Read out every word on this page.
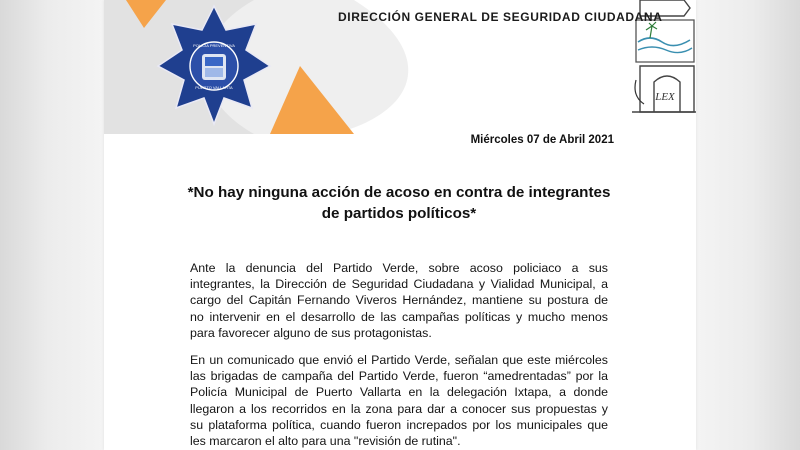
POLICIA PREVENTIVA
PUERTO VALLARTA
LEX
DIRECCIÓN GENERAL DE SEGURIDAD CIUDADANA
Miércoles 07 de Abril 2021
*No hay ninguna acción de acoso en contra de integrantes
de partidos políticos*
Ante la denuncia del Partido Verde, sobre acoso policiaco a sus
integrantes, la Dirección de Seguridad Ciudadana y Vialidad Municipal, a
cargo del Capitán Fernando Viveros Hernández, mantiene su postura de
no intervenir en el desarrollo de las campañas políticas y mucho menos
para favorecer alguno de sus protagonistas.
En un comunicado que envió el Partido Verde, señalan que este miércoles
las brigadas de campaña del Partido Verde, fueron “amedrentadas” por la
Policía Municipal de Puerto Vallarta en la delegación Ixtapa, a donde
llegaron a los recorridos en la zona para dar a conocer sus propuestas y
su plataforma política, cuando fueron increpados por los municipales que
les marcaron el alto para una "revisión de rutina".
